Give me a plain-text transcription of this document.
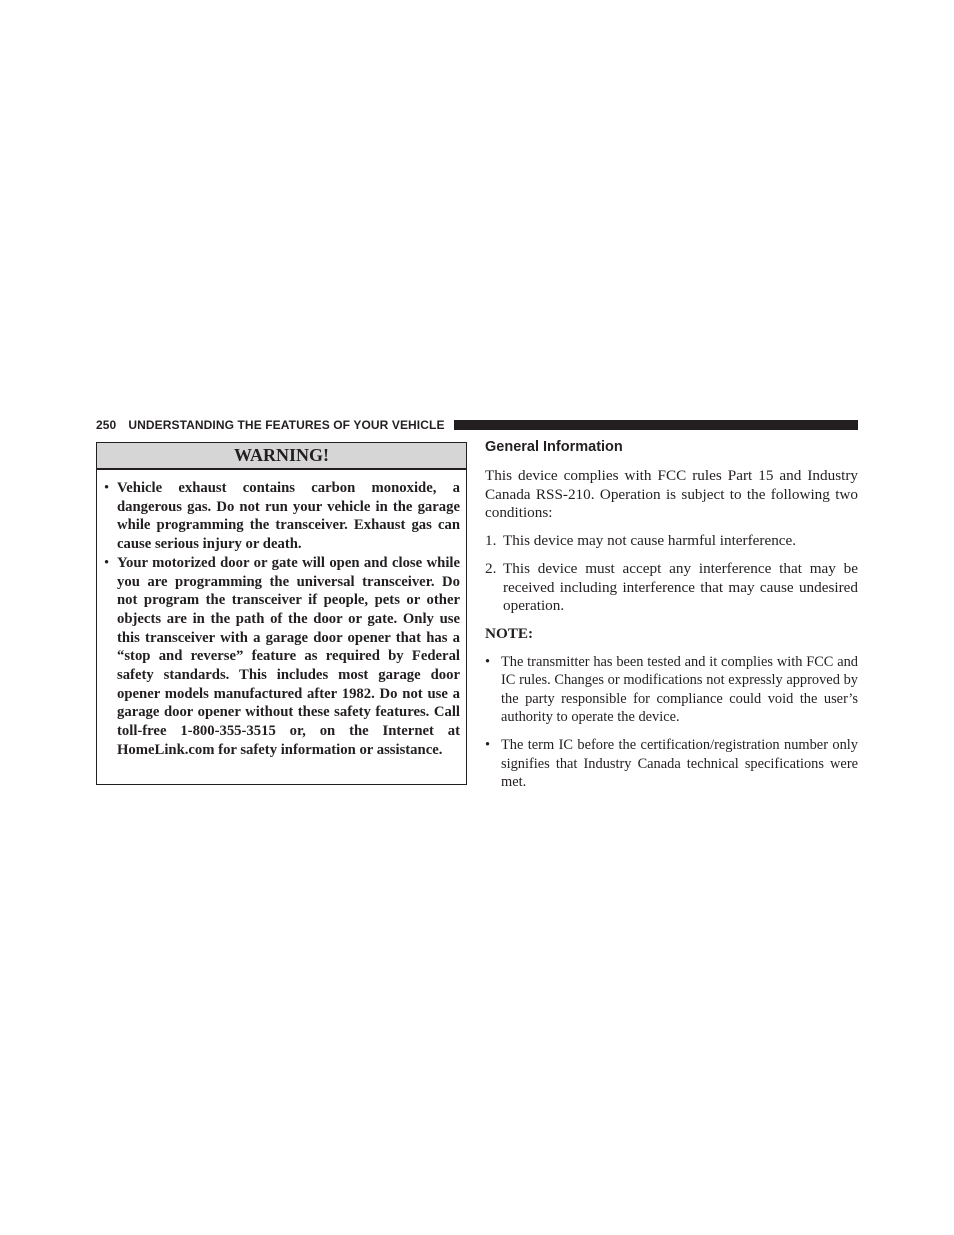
250 UNDERSTANDING THE FEATURES OF YOUR VEHICLE
WARNING!
• Vehicle exhaust contains carbon monoxide, a dangerous gas. Do not run your vehicle in the garage while programming the transceiver. Exhaust gas can cause serious injury or death.
• Your motorized door or gate will open and close while you are programming the universal transceiver. Do not program the transceiver if people, pets or other objects are in the path of the door or gate. Only use this transceiver with a garage door opener that has a “stop and reverse” feature as required by Federal safety standards. This includes most garage door opener models manufactured after 1982. Do not use a garage door opener without these safety features. Call toll-free 1-800-355-3515 or, on the Internet at HomeLink.com for safety information or assistance.
General Information

This device complies with FCC rules Part 15 and Industry Canada RSS-210. Operation is subject to the following two conditions:

1. This device may not cause harmful interference.
2. This device must accept any interference that may be received including interference that may cause undesired operation.
NOTE:
• The transmitter has been tested and it complies with FCC and IC rules. Changes or modifications not expressly approved by the party responsible for compliance could void the user’s authority to operate the device.
• The term IC before the certification/registration number only signifies that Industry Canada technical specifications were met.
